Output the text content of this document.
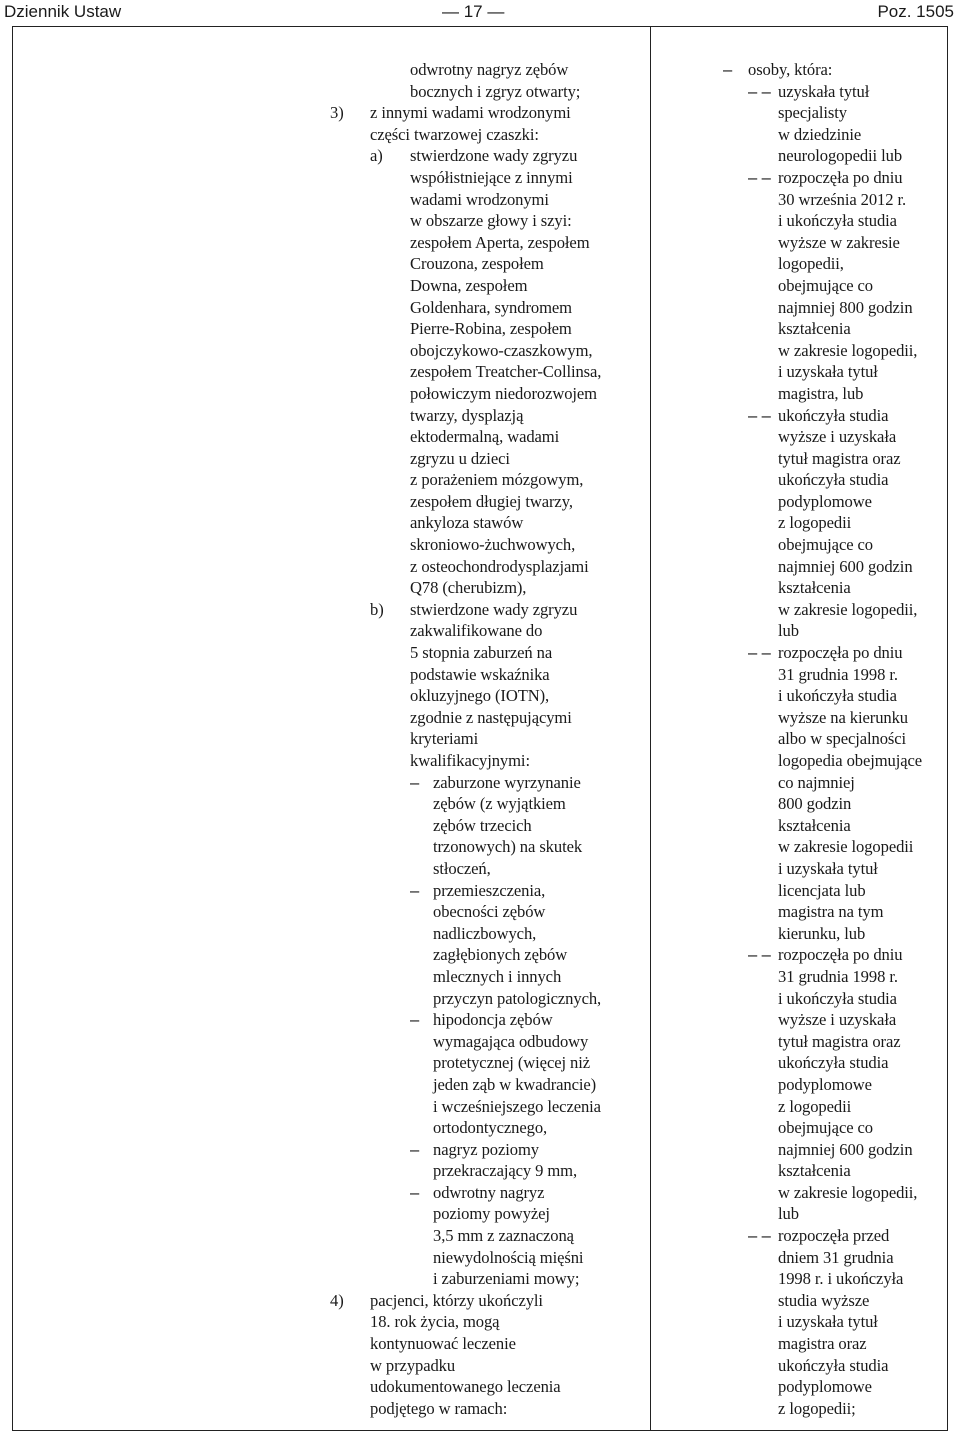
Dziennik Ustaw	— 17 —	Poz. 1505
odwrotny nagryz zębów
bocznych i zgryz otwarty;
3) z innymi wadami wrodzonymi
części twarzowej czaszki:
a) stwierdzone wady zgryzu
współistniejące z innymi
wadami wrodzonymi
w obszarze głowy i szyi:
zespołem Aperta, zespołem
Crouzona, zespołem
Downa, zespołem
Goldenhara, syndromem
Pierre-Robina, zespołem
obojczykowo-czaszkowym,
zespołem Treatcher-Collinsa,
połowiczym niedorozwojem
twarzy, dysplazją
ektodermalną, wadami
zgryzu u dzieci
z porażeniem mózgowym,
zespołem długiej twarzy,
ankyloza stawów
skroniowo-żuchwowych,
z osteochondrodysplazjami
Q78 (cherubizm),
b) stwierdzone wady zgryzu
zakwalifikowane do
5 stopnia zaburzeń na
podstawie wskaźnika
okluzyjnego (IOTN),
zgodnie z następującymi
kryteriami
kwalifikacyjnymi:
– zaburzone wyrzynanie
zębów (z wyjątkiem
zębów trzecich
trzonowych) na skutek
stłoczeń,
– przemieszczenia,
obecności zębów
nadliczbowych,
zagłębionych zębów
mlecznych i innych
przyczyn patologicznych,
– hipodoncja zębów
wymagająca odbudowy
protetycznej (więcej niż
jeden ząb w kwadrancie)
i wcześniejszego leczenia
ortodontycznego,
– nagryz poziomy
przekraczający 9 mm,
– odwrotny nagryz
poziomy powyżej
3,5 mm z zaznaczoną
niewydolnością mięśni
i zaburzeniami mowy;
4) pacjenci, którzy ukończyli
18. rok życia, mogą
kontynuować leczenie
w przypadku
udokumentowanego leczenia
podjętego w ramach:
– osoby, która:
– – uzyskała tytuł
specjalisty
w dziedzinie
neurologopedii lub
– – rozpoczęła po dniu
30 września 2012 r.
i ukończyła studia
wyższe w zakresie
logopedii,
obejmujące co
najmniej 800 godzin
kształcenia
w zakresie logopedii,
i uzyskała tytuł
magistra, lub
– – ukończyła studia
wyższe i uzyskała
tytuł magistra oraz
ukończyła studia
podyplomowe
z logopedii
obejmujące co
najmniej 600 godzin
kształcenia
w zakresie logopedii,
lub
– – rozpoczęła po dniu
31 grudnia 1998 r.
i ukończyła studia
wyższe na kierunku
albo w specjalności
logopedia obejmujące
co najmniej
800 godzin
kształcenia
w zakresie logopedii
i uzyskała tytuł
licencjata lub
magistra na tym
kierunku, lub
– – rozpoczęła po dniu
31 grudnia 1998 r.
i ukończyła studia
wyższe i uzyskała
tytuł magistra oraz
ukończyła studia
podyplomowe
z logopedii
obejmujące co
najmniej 600 godzin
kształcenia
w zakresie logopedii,
lub
– – rozpoczęła przed
dniem 31 grudnia
1998 r. i ukończyła
studia wyższe
i uzyskała tytuł
magistra oraz
ukończyła studia
podyplomowe
z logopedii;
